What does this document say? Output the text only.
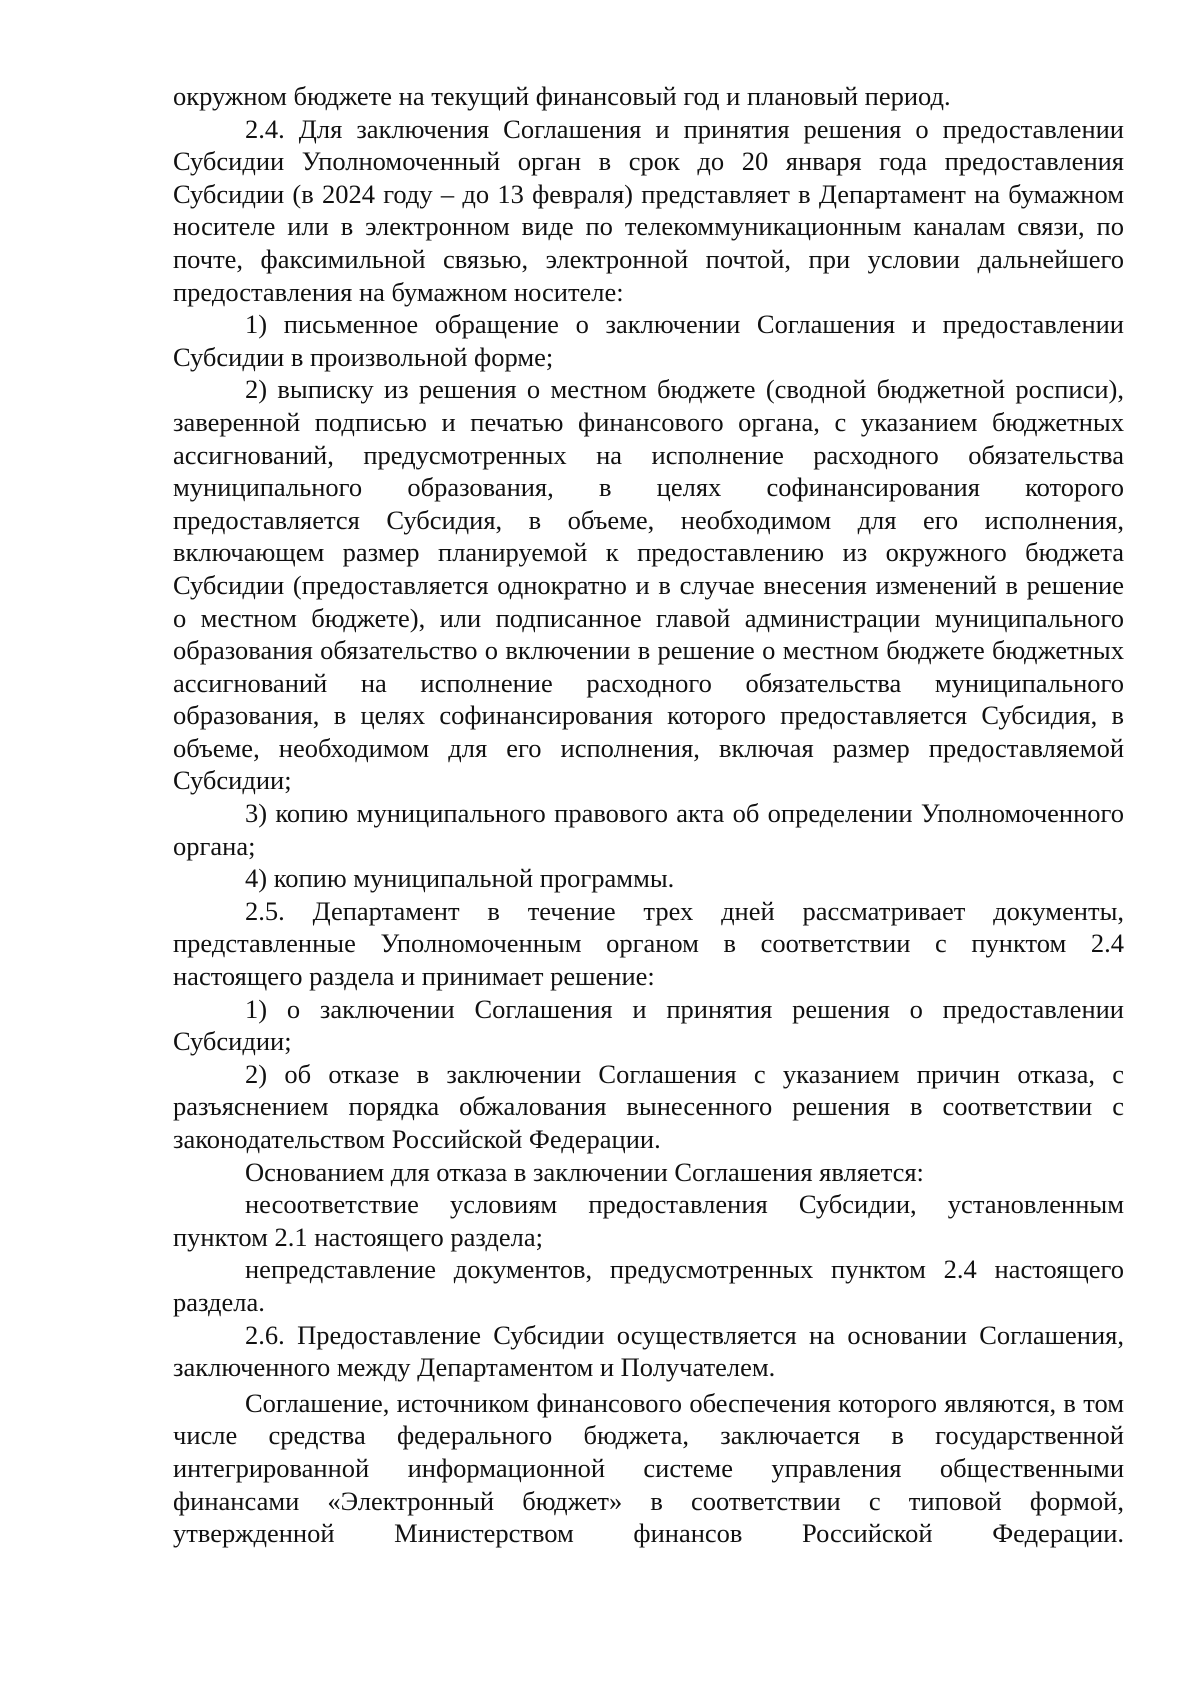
окружном бюджете на текущий финансовый год и плановый период.

2.4. Для заключения Соглашения и принятия решения о предоставлении Субсидии Уполномоченный орган в срок до 20 января года предоставления Субсидии (в 2024 году – до 13 февраля) представляет в Департамент на бумажном носителе или в электронном виде по телекоммуникационным каналам связи, по почте, факсимильной связью, электронной почтой, при условии дальнейшего предоставления на бумажном носителе:

1) письменное обращение о заключении Соглашения и предоставлении Субсидии в произвольной форме;

2) выписку из решения о местном бюджете (сводной бюджетной росписи), заверенной подписью и печатью финансового органа, с указанием бюджетных ассигнований, предусмотренных на исполнение расходного обязательства муниципального образования, в целях софинансирования которого предоставляется Субсидия, в объеме, необходимом для его исполнения, включающем размер планируемой к предоставлению из окружного бюджета Субсидии (предоставляется однократно и в случае внесения изменений в решение о местном бюджете), или подписанное главой администрации муниципального образования обязательство о включении в решение о местном бюджете бюджетных ассигнований на исполнение расходного обязательства муниципального образования, в целях софинансирования которого предоставляется Субсидия, в объеме, необходимом для его исполнения, включая размер предоставляемой Субсидии;

3) копию муниципального правового акта об определении Уполномоченного органа;

4) копию муниципальной программы.

2.5. Департамент в течение трех дней рассматривает документы, представленные Уполномоченным органом в соответствии с пунктом 2.4 настоящего раздела и принимает решение:

1) о заключении Соглашения и принятия решения о предоставлении Субсидии;

2) об отказе в заключении Соглашения с указанием причин отказа, с разъяснением порядка обжалования вынесенного решения в соответствии с законодательством Российской Федерации.

Основанием для отказа в заключении Соглашения является:

несоответствие условиям предоставления Субсидии, установленным пунктом 2.1 настоящего раздела;

непредставление документов, предусмотренных пунктом 2.4 настоящего раздела.

2.6. Предоставление Субсидии осуществляется на основании Соглашения, заключенного между Департаментом и Получателем.

Соглашение, источником финансового обеспечения которого являются, в том числе средства федерального бюджета, заключается в государственной интегрированной информационной системе управления общественными финансами «Электронный бюджет» в соответствии с типовой формой, утвержденной Министерством финансов Российской Федерации.
